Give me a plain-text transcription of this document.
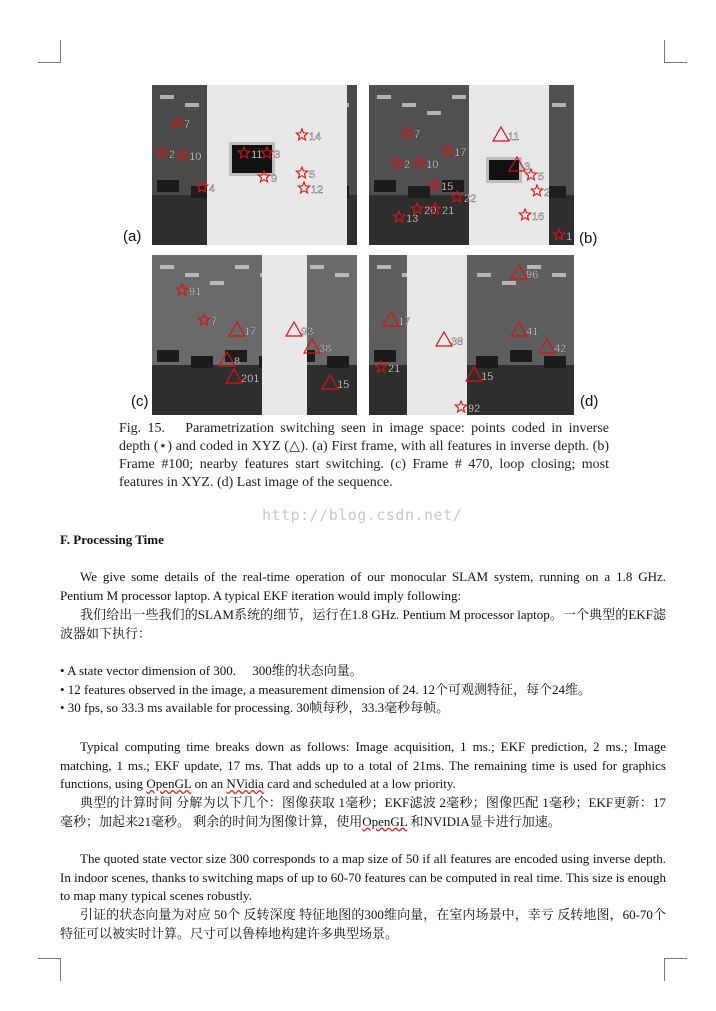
7
14
2 10	11 3
5
9
12
4
7
17
2 10
11
3
5
2
15
22
20 21
13	16
1
91
7
17	93
38
8
201	15
96
17
38
41
42
21
15
92
(a)	(b)
(c)	(d)
Fig. 15.  Parametrization switching seen in image space: points coded in inverse depth (⋆) and coded in XYZ (△). (a) First frame, with all features in inverse depth. (b) Frame #100; nearby features start switching. (c) Frame # 470, loop closing; most features in XYZ. (d) Last image of the sequence.
http://blog.csdn.net/
F. Processing Time
We give some details of the real-time operation of our monocular SLAM system, running on a 1.8 GHz. Pentium M processor laptop. A typical EKF iteration would imply following:
我们给出一些我们的SLAM系统的细节，运行在1.8 GHz. Pentium M processor laptop。一个典型的EKF滤波器如下执行：
• A state vector dimension of 300.  300维的状态向量。
• 12 features observed in the image, a measurement dimension of 24. 12个可观测特征，每个24维。
• 30 fps, so 33.3 ms available for processing. 30帧每秒，33.3毫秒每帧。
Typical computing time breaks down as follows: Image acquisition, 1 ms.; EKF prediction, 2 ms.; Image matching, 1 ms.; EKF update, 17 ms. That adds up to a total of 21ms. The remaining time is used for graphics functions, using OpenGL on an NVidia card and scheduled at a low priority.
典型的计算时间 分解为以下几个：图像获取 1毫秒；EKF滤波 2毫秒；图像匹配 1毫秒；EKF更新：17毫秒；加起来21毫秒。 剩余的时间为图像计算，使用OpenGL 和NVIDIA显卡进行加速。
The quoted state vector size 300 corresponds to a map size of 50 if all features are encoded using inverse depth. In indoor scenes, thanks to switching maps of up to 60-70 features can be computed in real time. This size is enough to map many typical scenes robustly.
引证的状态向量为对应 50个 反转深度 特征地图的300维向量，在室内场景中，幸亏 反转地图，60-70个特征可以被实时计算。尺寸可以鲁棒地构建许多典型场景。
